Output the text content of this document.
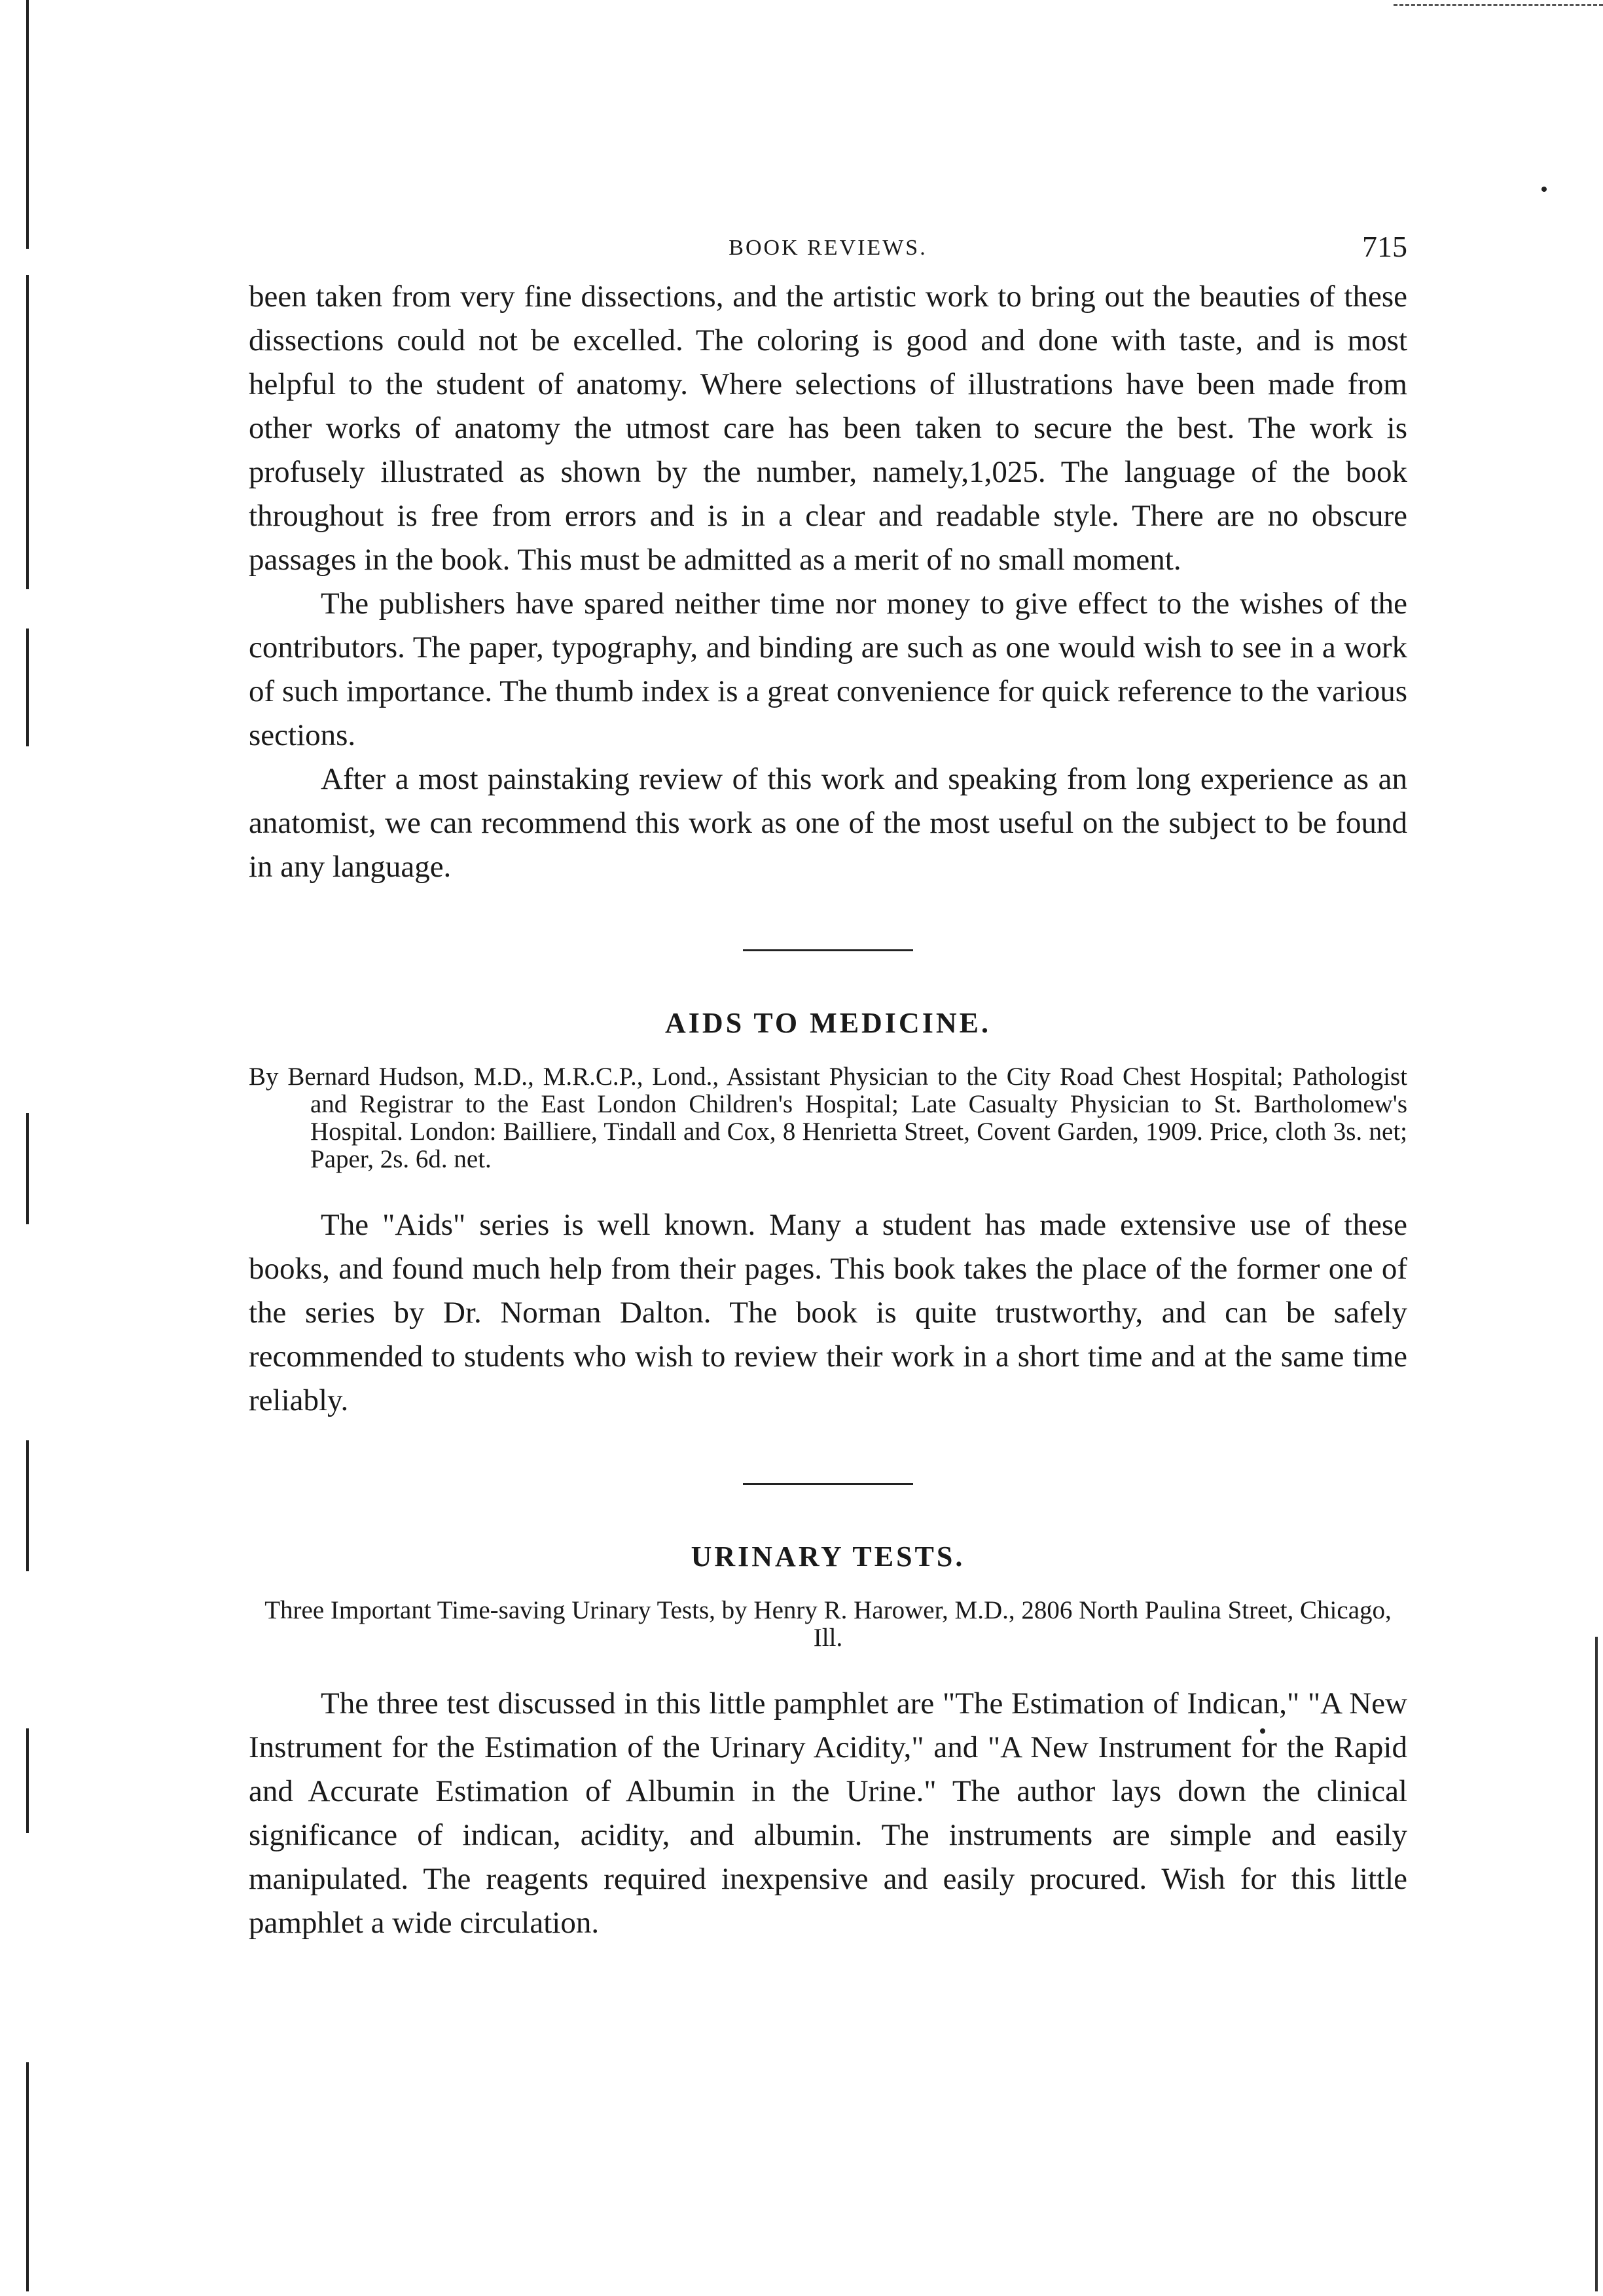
BOOK REVIEWS.	715

been taken from very fine dissections, and the artistic work to bring out the beauties of these dissections could not be excelled. The coloring is good and done with taste, and is most helpful to the student of anatomy. Where selections of illustrations have been made from other works of anatomy the utmost care has been taken to secure the best. The work is profusely illustrated as shown by the number, namely,1,025. The language of the book throughout is free from errors and is in a clear and readable style. There are no obscure passages in the book. This must be admitted as a merit of no small moment.

The publishers have spared neither time nor money to give effect to the wishes of the contributors. The paper, typography, and binding are such as one would wish to see in a work of such importance. The thumb index is a great convenience for quick reference to the various sections.

After a most painstaking review of this work and speaking from long experience as an anatomist, we can recommend this work as one of the most useful on the subject to be found in any language.

AIDS TO MEDICINE.

By Bernard Hudson, M.D., M.R.C.P., Lond., Assistant Physician to the City Road Chest Hospital; Pathologist and Registrar to the East London Children's Hospital; Late Casualty Physician to St. Bartholomew's Hospital. London: Bailliere, Tindall and Cox, 8 Henrietta Street, Covent Garden, 1909. Price, cloth 3s. net; Paper, 2s. 6d. net.

The "Aids" series is well known. Many a student has made extensive use of these books, and found much help from their pages. This book takes the place of the former one of the series by Dr. Norman Dalton. The book is quite trustworthy, and can be safely recommended to students who wish to review their work in a short time and at the same time reliably.

URINARY TESTS.

Three Important Time-saving Urinary Tests, by Henry R. Harower, M.D., 2806 North Paulina Street, Chicago, Ill.

The three test discussed in this little pamphlet are "The Estimation of Indican," "A New Instrument for the Estimation of the Urinary Acidity," and "A New Instrument for the Rapid and Accurate Estimation of Albumin in the Urine." The author lays down the clinical significance of indican, acidity, and albumin. The instruments are simple and easily manipulated. The reagents required inexpensive and easily procured. Wish for this little pamphlet a wide circulation.
